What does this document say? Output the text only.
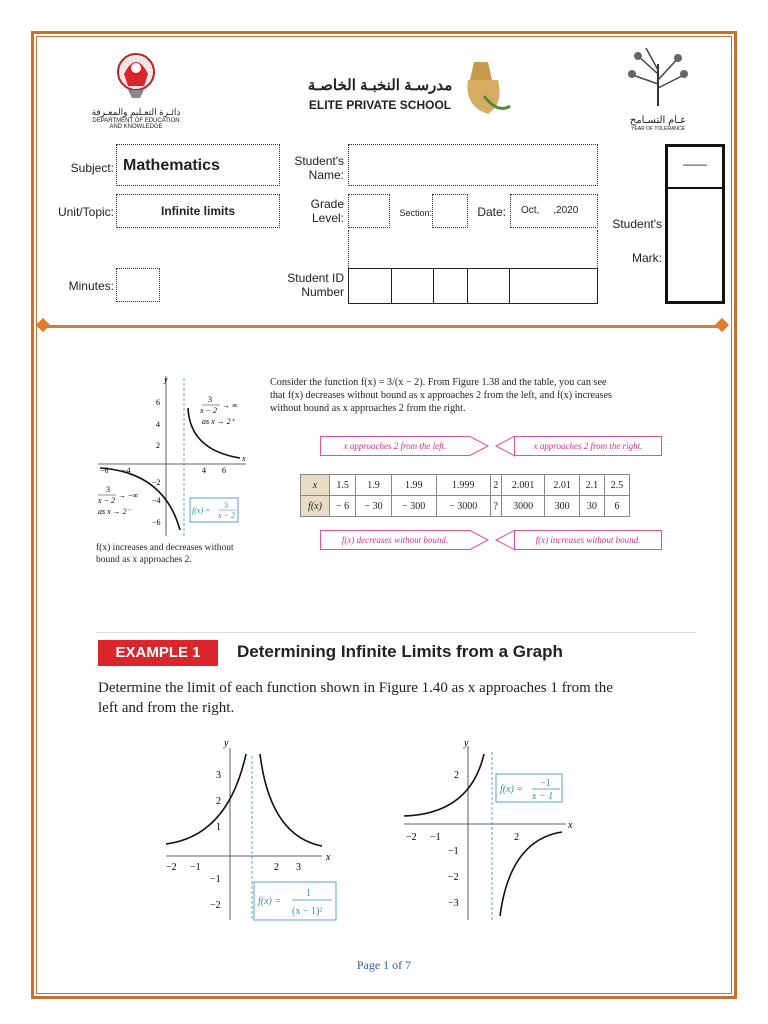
دائـرة التعـليم والمعـرفة
DEPARTMENT OF EDUCATION
AND KNOWLEDGE
مدرسـة النخبـة الخاصـة
ELITE PRIVATE SCHOOL
عـام التسـامح
YEAR OF TOLERANCE
Subject: Mathematics
Unit/Topic:	Infinite limits
Minutes:
Student's
Name:
Grade
Level:	Section:	Date: Oct,     ,2020
Student ID
Number
Student's
Mark:
——
y
x
6
4
2
−2
−4
−6
−6 −4	4 6
3
x − 2
→ ∞
as x → 2⁺
3
x − 2
→ −∞
as x → 2⁻	f(x) =
3
x − 2
f(x) increases and decreases without bound as x approaches 2.
Consider the function f(x) = 3/(x − 2). From Figure 1.38 and the table, you can see
that f(x) decreases without bound as x approaches 2 from the left, and f(x) increases
without bound as x approaches 2 from the right.
x approaches 2 from the left.	x approaches 2 from the right.
x	1.5	1.9	1.99	1.999	2	2.001	2.01	2.1	2.5
f(x)	− 6	− 30	− 300	− 3000	?	3000	300	30	6
f(x) decreases without bound.	f(x) increases without bound.
EXAMPLE 1	Determining Infinite Limits from a Graph
Determine the limit of each function shown in Figure 1.40 as x approaches 1 from the
left and from the right.
y
x
3
2
1
−1
−2
−2 −1	2 3
f(x) =
1
(x − 1)²
y
x
2
−1
−2
−3
−2 −1	2
f(x) =
−1
x − 1
Page 1 of 7
